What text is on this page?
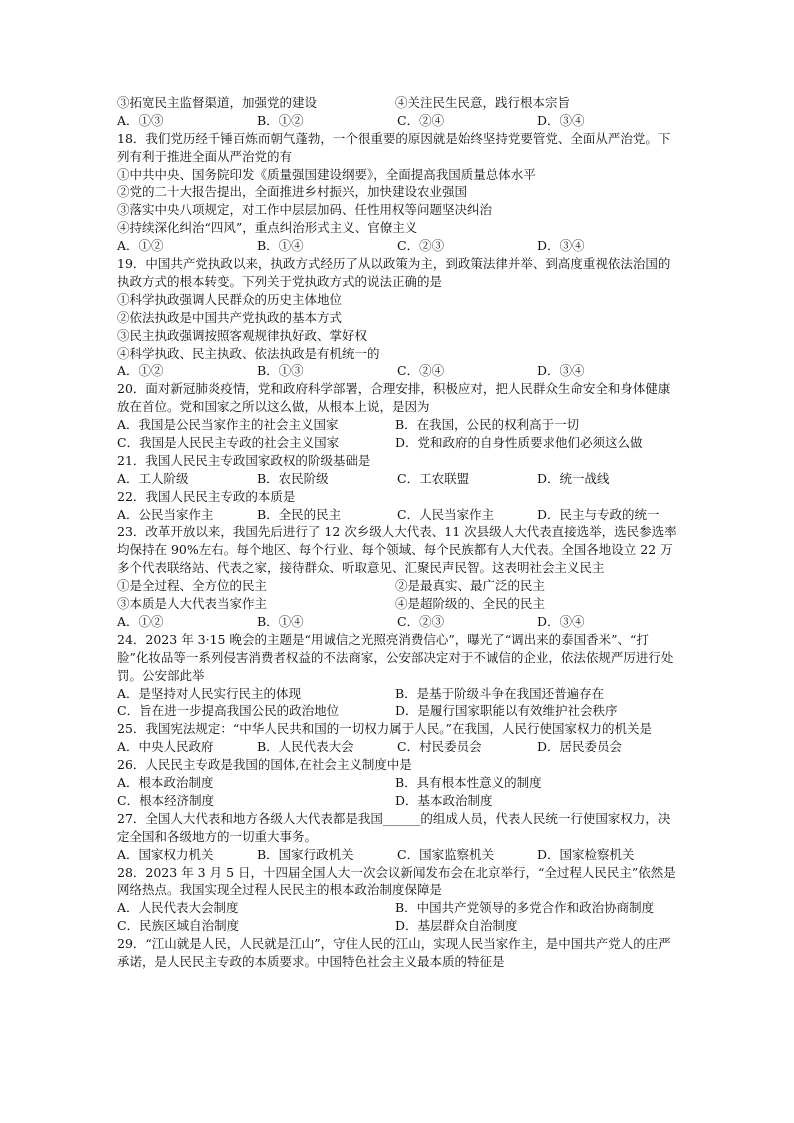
③拓宽民主监督渠道，加强党的建设	④关注民生民意，践行根本宗旨
A．①③	B．①②	C．②④	D．③④
18．我们党历经千锤百炼而朝气蓬勃，一个很重要的原因就是始终坚持党要管党、全面从严治党。下列有利于推进全面从严治党的有
①中共中央、国务院印发《质量强国建设纲要》，全面提高我国质量总体水平
②党的二十大报告提出，全面推进乡村振兴，加快建设农业强国
③落实中央八项规定，对工作中层层加码、任性用权等问题坚决纠治
④持续深化纠治“四风”，重点纠治形式主义、官僚主义
A．①②	B．①④	C．②③	D．③④
19．中国共产党执政以来，执政方式经历了从以政策为主，到政策法律并举、到高度重视依法治国的执政方式的根本转变。下列关于党执政方式的说法正确的是
①科学执政强调人民群众的历史主体地位
②依法执政是中国共产党执政的基本方式
③民主执政强调按照客观规律执好政、掌好权
④科学执政、民主执政、依法执政是有机统一的
A．①②	B．①③	C．②④	D．③④
20．面对新冠肺炎疫情，党和政府科学部署，合理安排，积极应对，把人民群众生命安全和身体健康放在首位。党和国家之所以这么做，从根本上说，是因为
A．我国是公民当家作主的社会主义国家	B．在我国，公民的权利高于一切
C．我国是人民民主专政的社会主义国家	D．党和政府的自身性质要求他们必须这么做
21．我国人民民主专政国家政权的阶级基础是
A．工人阶级	B．农民阶级	C．工农联盟	D．统一战线
22．我国人民民主专政的本质是
A．公民当家作主	B．全民的民主	C．人民当家作主	D．民主与专政的统一
23．改革开放以来，我国先后进行了 12 次乡级人大代表、11 次县级人大代表直接选举，选民参选率均保持在 90%左右。每个地区、每个行业、每个领域、每个民族都有人大代表。全国各地设立 22 万多个代表联络站、代表之家，接待群众、听取意见、汇聚民声民智。这表明社会主义民主
①是全过程、全方位的民主	②是最真实、最广泛的民主
③本质是人大代表当家作主	④是超阶级的、全民的民主
A．①②	B．①④	C．②③	D．③④
24．2023 年 3·15 晚会的主题是“用诚信之光照亮消费信心”，曝光了“调出来的泰国香米”、“打脸”化妆品等一系列侵害消费者权益的不法商家，公安部决定对于不诚信的企业，依法依规严厉进行处罚。公安部此举
A．是坚持对人民实行民主的体现	B．是基于阶级斗争在我国还普遍存在
C．旨在进一步提高我国公民的政治地位	D．是履行国家职能以有效维护社会秩序
25．我国宪法规定：“中华人民共和国的一切权力属于人民。”在我国，人民行使国家权力的机关是
A．中央人民政府	B．人民代表大会	C．村民委员会	D．居民委员会
26．人民民主专政是我国的国体,在社会主义制度中是
A．根本政治制度	B．具有根本性意义的制度
C．根本经济制度	D．基本政治制度
27．全国人大代表和地方各级人大代表都是我国______的组成人员，代表人民统一行使国家权力，决定全国和各级地方的一切重大事务。
A．国家权力机关	B．国家行政机关	C．国家监察机关	D．国家检察机关
28．2023 年 3 月 5 日，十四届全国人大一次会议新闻发布会在北京举行，“全过程人民民主”依然是网络热点。我国实现全过程人民民主的根本政治制度保障是
A．人民代表大会制度	B．中国共产党领导的多党合作和政治协商制度
C．民族区域自治制度	D．基层群众自治制度
29．“江山就是人民，人民就是江山”，守住人民的江山，实现人民当家作主，是中国共产党人的庄严承诺，是人民民主专政的本质要求。中国特色社会主义最本质的特征是
